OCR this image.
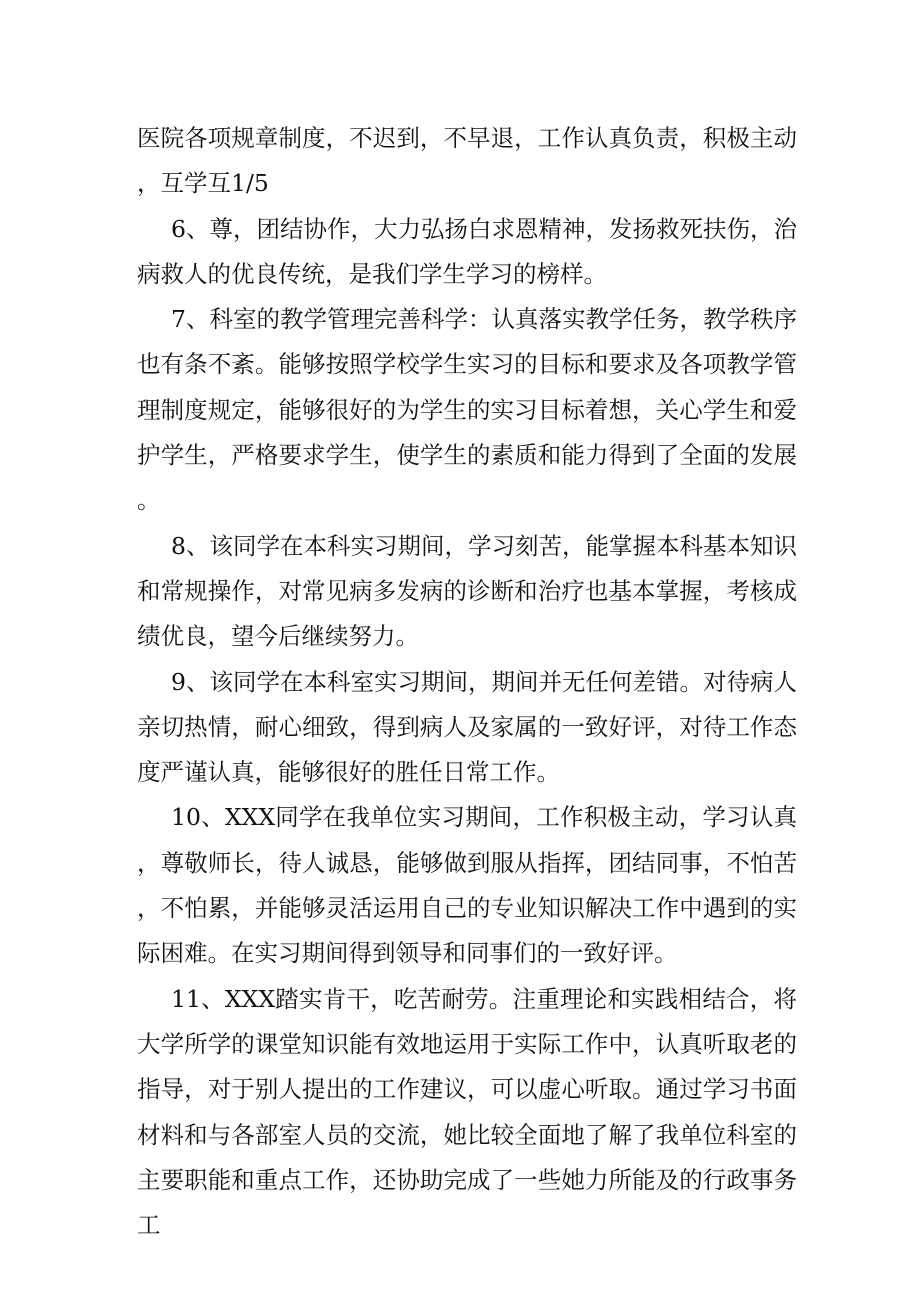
医院各项规章制度，不迟到，不早退，工作认真负责，积极主动，互学互1/5

6、尊，团结协作，大力弘扬白求恩精神，发扬救死扶伤，治病救人的优良传统，是我们学生学习的榜样。

7、科室的教学管理完善科学：认真落实教学任务，教学秩序也有条不紊。能够按照学校学生实习的目标和要求及各项教学管理制度规定，能够很好的为学生的实习目标着想，关心学生和爱护学生，严格要求学生，使学生的素质和能力得到了全面的发展。

8、该同学在本科实习期间，学习刻苦，能掌握本科基本知识和常规操作，对常见病多发病的诊断和治疗也基本掌握，考核成绩优良，望今后继续努力。

9、该同学在本科室实习期间，期间并无任何差错。对待病人亲切热情，耐心细致，得到病人及家属的一致好评，对待工作态度严谨认真，能够很好的胜任日常工作。

10、XXX同学在我单位实习期间，工作积极主动，学习认真，尊敬师长，待人诚恳，能够做到服从指挥，团结同事，不怕苦，不怕累，并能够灵活运用自己的专业知识解决工作中遇到的实际困难。在实习期间得到领导和同事们的一致好评。

11、XXX踏实肯干，吃苦耐劳。注重理论和实践相结合，将大学所学的课堂知识能有效地运用于实际工作中，认真听取老的指导，对于别人提出的工作建议，可以虚心听取。通过学习书面材料和与各部室人员的交流，她比较全面地了解了我单位科室的主要职能和重点工作，还协助完成了一些她力所能及的行政事务工
